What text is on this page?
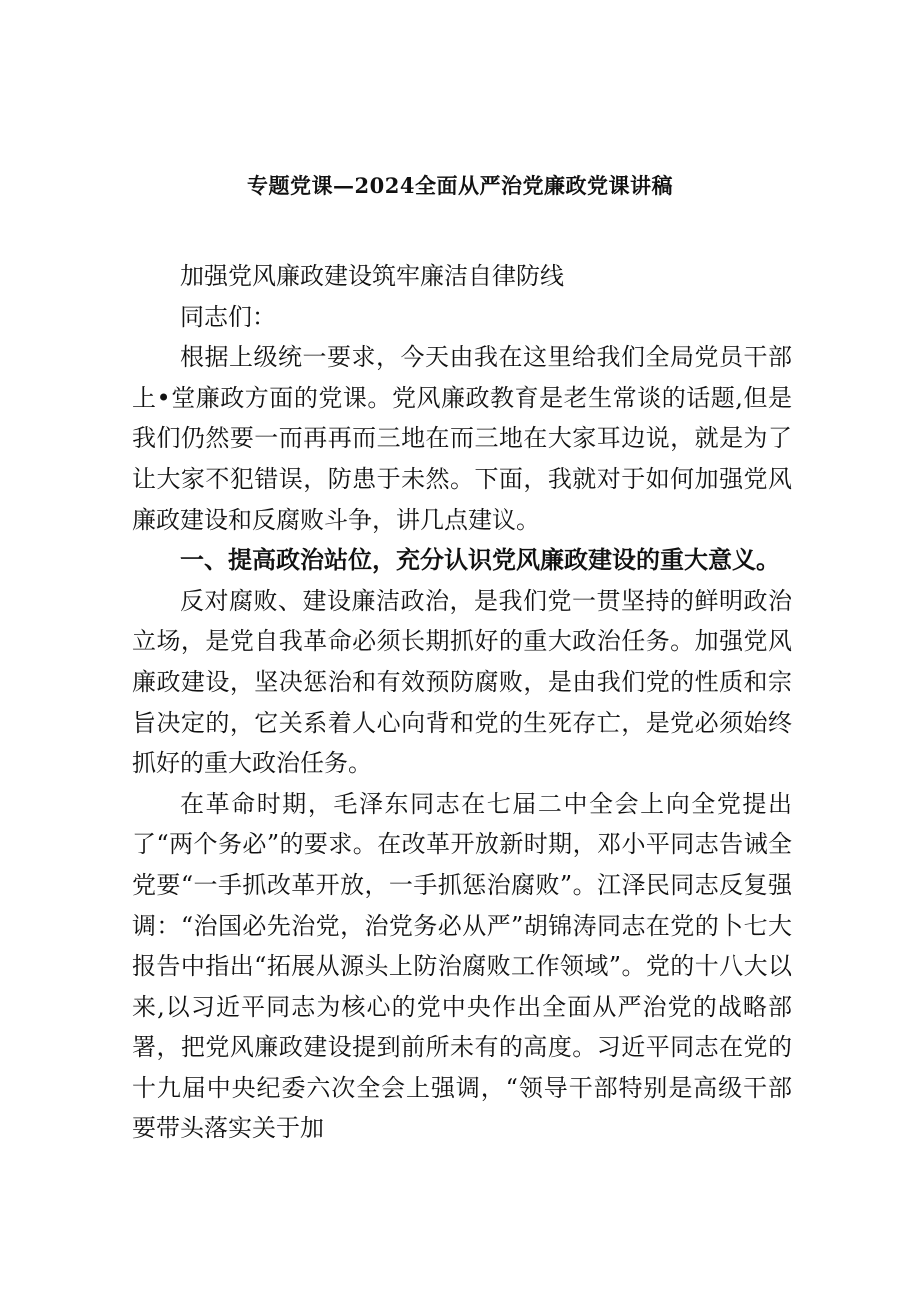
专题党课—2024全面从严治党廉政党课讲稿

加强党风廉政建设筑牢廉洁自律防线

同志们：

根据上级统一要求，今天由我在这里给我们全局党员干部上•堂廉政方面的党课。党风廉政教育是老生常谈的话题,但是我们仍然要一而再再而三地在而三地在大家耳边说，就是为了让大家不犯错误，防患于未然。下面，我就对于如何加强党风廉政建设和反腐败斗争，讲几点建议。

一、提高政治站位，充分认识党风廉政建设的重大意义。

反对腐败、建设廉洁政治，是我们党一贯坚持的鲜明政治立场，是党自我革命必须长期抓好的重大政治任务。加强党风廉政建设，坚决惩治和有效预防腐败，是由我们党的性质和宗旨决定的，它关系着人心向背和党的生死存亡，是党必须始终抓好的重大政治任务。

在革命时期，毛泽东同志在七届二中全会上向全党提出了“两个务必”的要求。在改革开放新时期，邓小平同志告诫全党要“一手抓改革开放，一手抓惩治腐败”。江泽民同志反复强调：“治国必先治党，治党务必从严”胡锦涛同志在党的卜七大报告中指出“拓展从源头上防治腐败工作领域”。党的十八大以来,以习近平同志为核心的党中央作出全面从严治党的战略部署，把党风廉政建设提到前所未有的高度。习近平同志在党的十九届中央纪委六次全会上强调，“领导干部特别是高级干部要带头落实关于加
